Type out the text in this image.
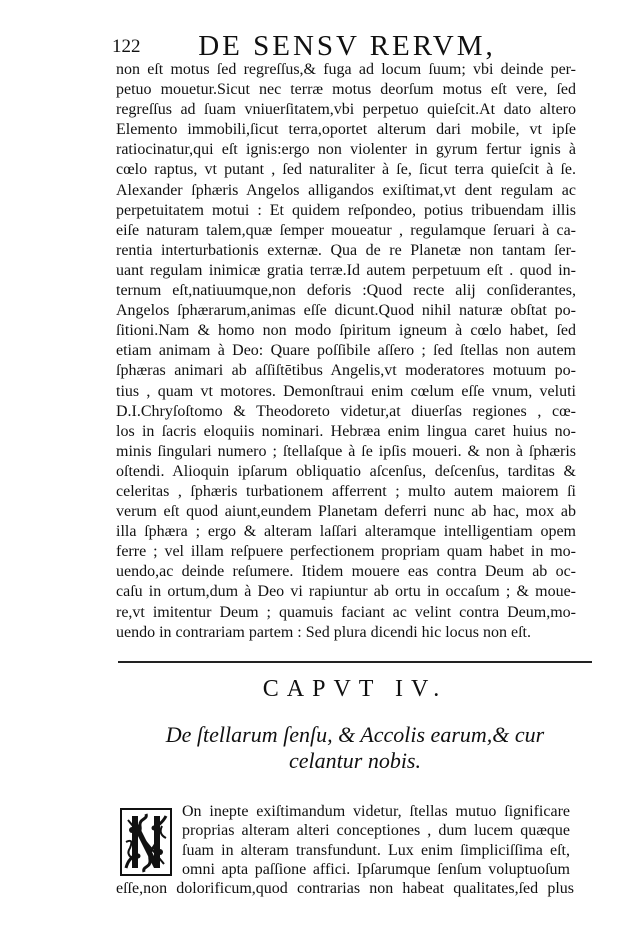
122	DE SENSV RERVM,
non eſt motus ſed regreſſus,& fuga ad locum ſuum; vbi deinde per-
petuo mouetur.Sicut nec terræ motus deorſum motus eſt vere, ſed
regreſſus ad ſuam vniuerſitatem,vbi perpetuo quieſcit.At dato altero
Elemento immobili,ſicut terra,oportet alterum dari mobile, vt ipſe
ratiocinatur,qui eſt ignis:ergo non violenter in gyrum fertur ignis à
cœlo raptus, vt putant , ſed naturaliter à ſe, ſicut terra quieſcit à ſe.
Alexander ſphæris Angelos alligandos exiſtimat,vt dent regulam ac
perpetuitatem motui : Et quidem reſpondeo, potius tribuendam illis
eiſe naturam talem,quæ ſemper moueatur , regulamque ſeruari à ca-
rentia interturbationis externæ. Qua de re Planetæ non tantam ſer-
uant regulam inimicæ gratia terræ.Id autem perpetuum eſt . quod in-
ternum eſt,natiuumque,non deforis :Quod recte alij conſiderantes,
Angelos ſphærarum,animas eſſe dicunt.Quod nihil naturæ obſtat po-
ſitioni.Nam & homo non modo ſpiritum igneum à cœlo habet, ſed
etiam animam à Deo: Quare poſſibile aſſero ; ſed ſtellas non autem
ſphæras animari ab aſſiſtētibus Angelis,vt moderatores motuum po-
tius , quam vt motores. Demonſtraui enim cœlum eſſe vnum, veluti
D.I.Chryſoſtomo & Theodoreto videtur,at diuerſas regiones , cœ-
los in ſacris eloquiis nominari. Hebræa enim lingua caret huius no-
minis ſingulari numero ; ſtellaſque à ſe ipſis moueri. & non à ſphæris
oſtendi. Alioquin ipſarum obliquatio aſcenſus, deſcenſus, tarditas &
celeritas , ſphæris turbationem afferrent ; multo autem maiorem ſi
verum eſt quod aiunt,eundem Planetam deferri nunc ab hac, mox ab
illa ſphæra ; ergo & alteram laſſari alteramque intelligentiam opem
ferre ; vel illam reſpuere perfectionem propriam quam habet in mo-
uendo,ac deinde reſumere. Itidem mouere eas contra Deum ab oc-
caſu in ortum,dum à Deo vi rapiuntur ab ortu in occaſum ; & moue-
re,vt imitentur Deum ; quamuis faciant ac velint contra Deum,mo-
uendo in contrariam partem : Sed plura dicendi hic locus non eſt.
CAPVT IV.
De ſtellarum ſenſu, & Accolis earum,& cur
celantur nobis.
On inepte exiſtimandum videtur, ſtellas mutuo ſignificare
proprias alteram alteri conceptiones , dum lucem quæque
ſuam in alteram transfundunt. Lux enim ſimpliciſſima eſt,
omni apta paſſione affici. Ipſarumque ſenſum voluptuoſum
eſſe,non dolorificum,quod contrarias non habeat qualitates,ſed plus
